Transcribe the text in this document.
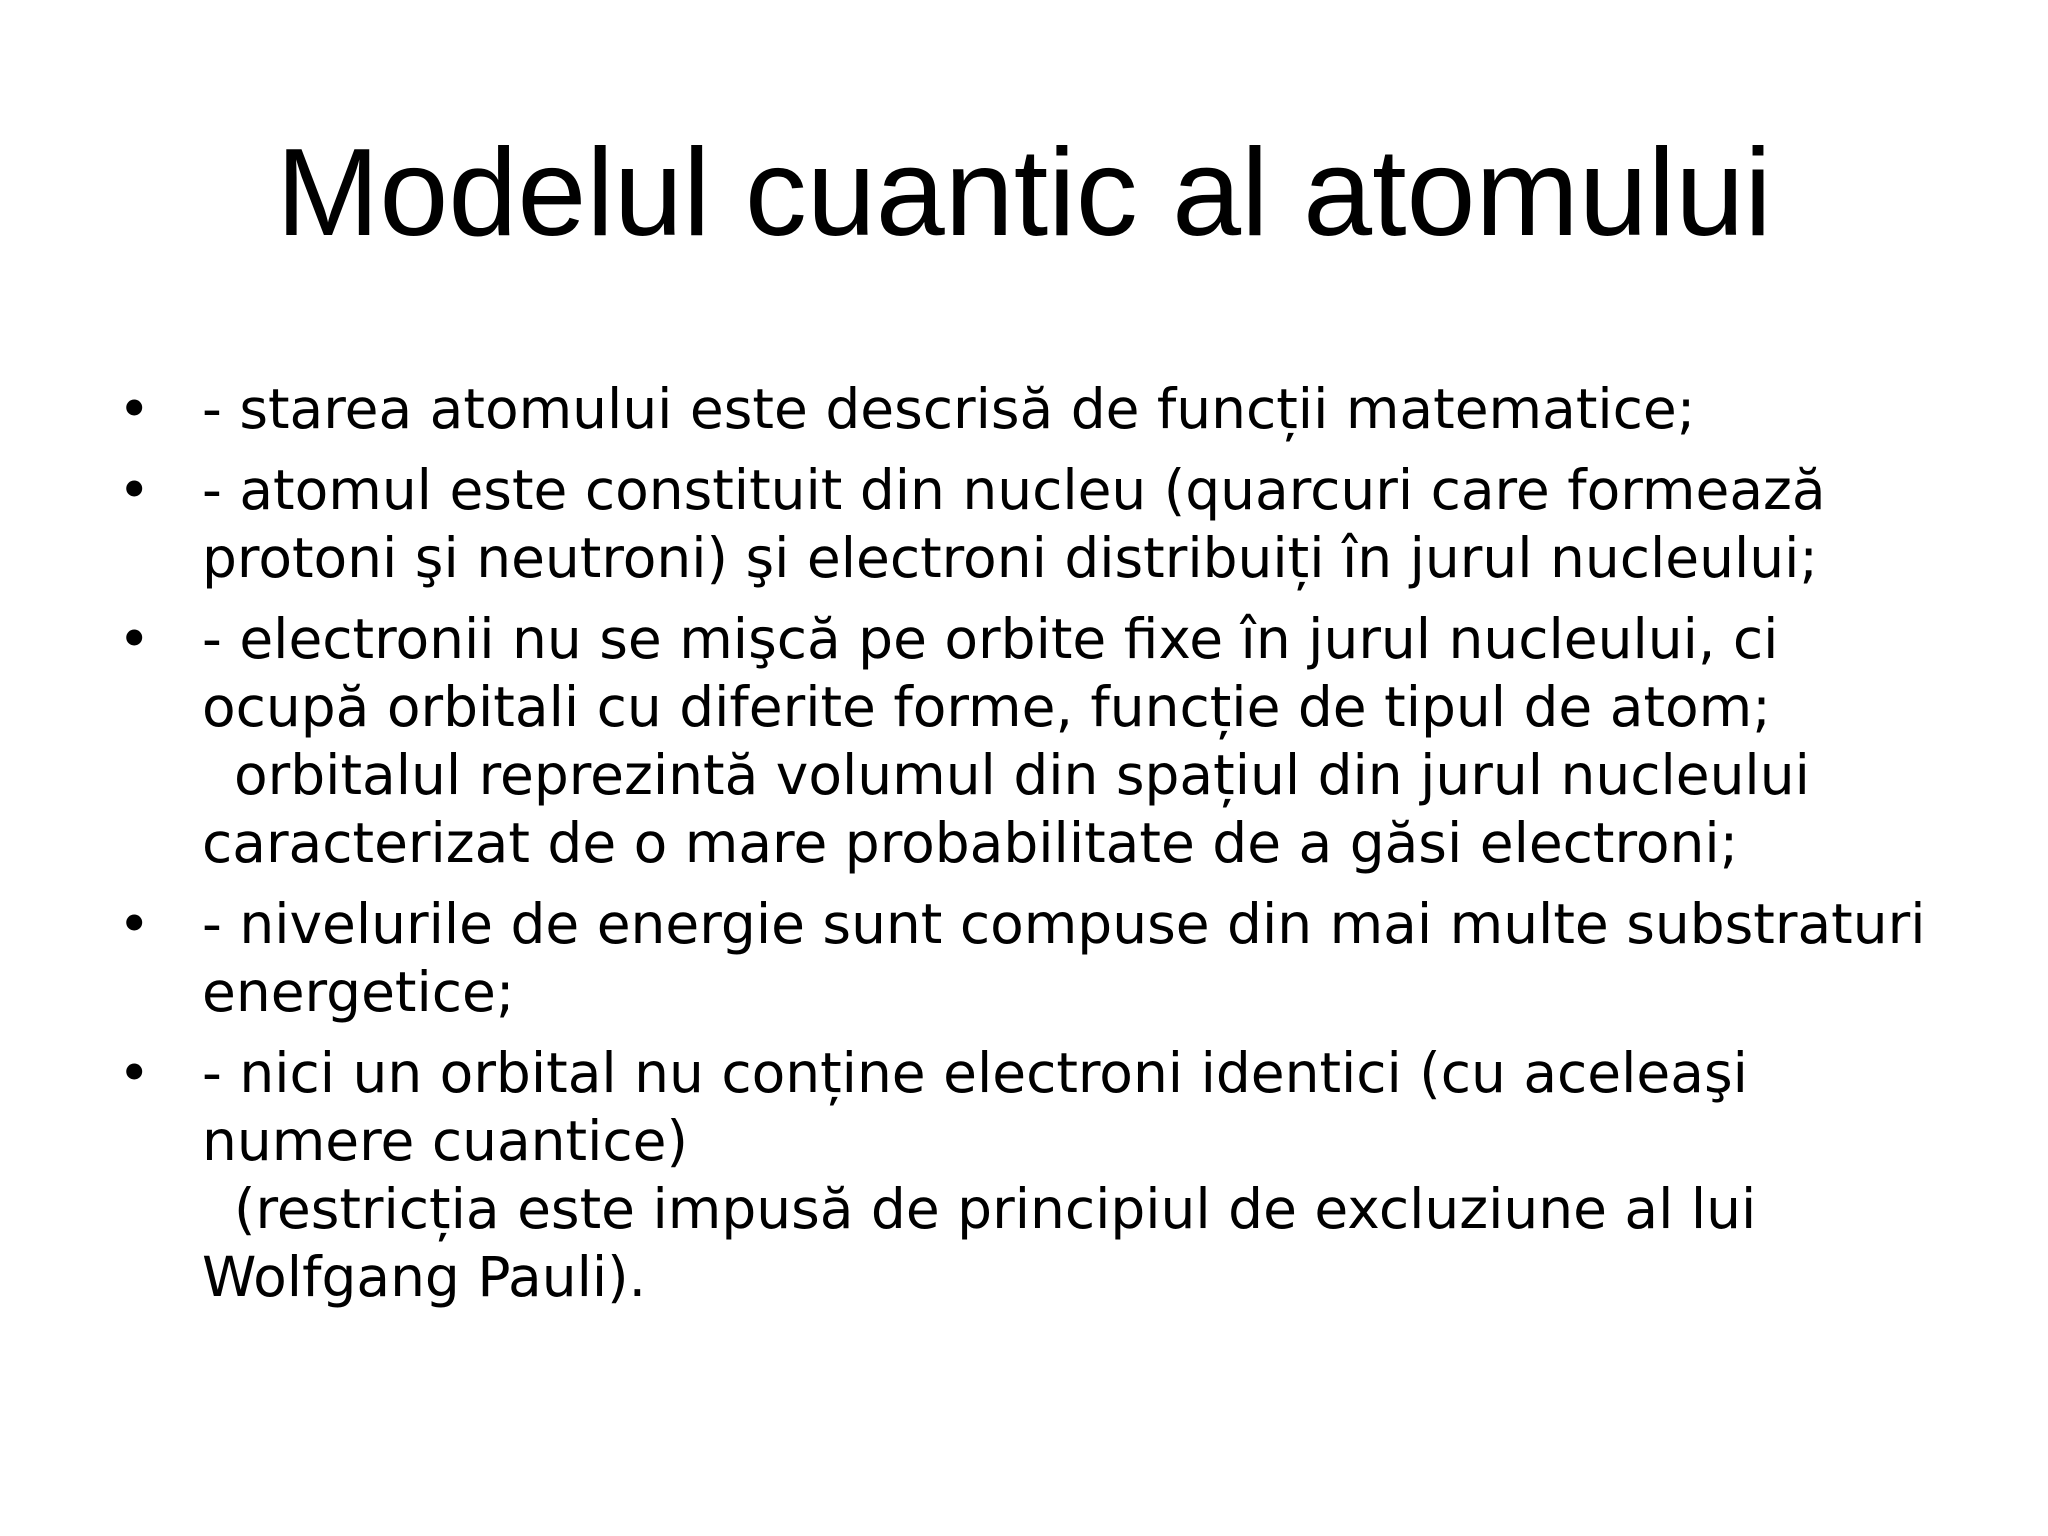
Modelul cuantic al atomului
• - starea atomului este descrisă de funcții matematice;
• - atomul este constituit din nucleu (quarcuri care formează
protoni şi neutroni) şi electroni distribuiți în jurul nucleului;
• - electronii nu se mişcă pe orbite fixe în jurul nucleului, ci
ocupă orbitali cu diferite forme, funcție de tipul de atom;
orbitalul reprezintă volumul din spațiul din jurul nucleului
caracterizat de o mare probabilitate de a găsi electroni;
• - nivelurile de energie sunt compuse din mai multe substraturi
energetice;
• - nici un orbital nu conține electroni identici (cu aceleaşi
numere cuantice)
(restricția este impusă de principiul de excluziune al lui
Wolfgang Pauli).
